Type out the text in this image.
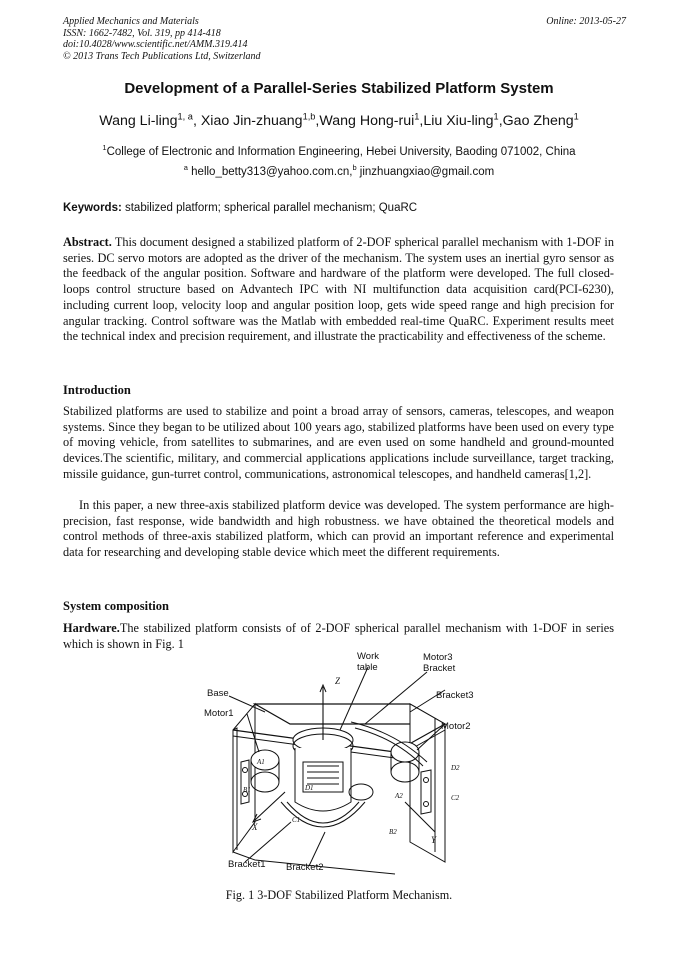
Applied Mechanics and Materials
ISSN: 1662-7482, Vol. 319, pp 414-418
doi:10.4028/www.scientific.net/AMM.319.414
© 2013 Trans Tech Publications Ltd, Switzerland
Online: 2013-05-27
Development of a Parallel-Series Stabilized Platform System
Wang Li-ling$^{1, a}$, Xiao Jin-zhuang$^{1,b}$,Wang Hong-rui$^1$,Liu Xiu-ling$^1$,Gao Zheng$^1$
$^1$College of Electronic and Information Engineering, Hebei University, Baoding 071002, China
$^a$ hello_betty313@yahoo.com.cn,$^b$ jinzhuangxiao@gmail.com
Keywords: stabilized platform; spherical parallel mechanism; QuaRC
Abstract. This document designed a stabilized platform of 2-DOF spherical parallel mechanism with 1-DOF in series. DC servo motors are adopted as the driver of the mechanism. The system uses an inertial gyro sensor as the feedback of the angular position. Software and hardware of the platform were developed. The full closed-loops control structure based on Advantech IPC with NI multifunction data acquisition card(PCI-6230), including current loop, velocity loop and angular position loop, gets wide speed range and high precision for angular tracking. Control software was the Matlab with embedded real-time QuaRC. Experiment results meet the technical index and precision requirement, and illustrate the practicability and effectiveness of the scheme.
Introduction
Stabilized platforms are used to stabilize and point a broad array of sensors, cameras, telescopes, and weapon systems. Since they began to be utilized about 100 years ago, stabilized platforms have been used on every type of moving vehicle, from satellites to submarines, and are even used on some handheld and ground-mounted devices.The scientific, military, and commercial applications applications include surveillance, target tracking, missile guidance, gun-turret control, communications, astronomical telescopes, and handheld cameras[1,2].
In this paper, a new three-axis stabilized platform device was developed. The system performance are high-precision, fast response, wide bandwidth and high robustness. we have obtained the theoretical models and control methods of three-axis stabilized platform, which can provid an important reference and experimental data for researching and developing stable device which meet the different requirements.
System composition
Hardware.The stabilized platform consists of of 2-DOF spherical parallel mechanism with 1-DOF in series which is shown in Fig. 1
Work
table
Motor3
Bracket
Base	Bracket3
Motor1
Motor2
Bracket1 Bracket2
Z
X
Y
A1
B1
C1
D1
A2
B2
C2
D2
Fig. 1 3-DOF Stabilized Platform Mechanism.
